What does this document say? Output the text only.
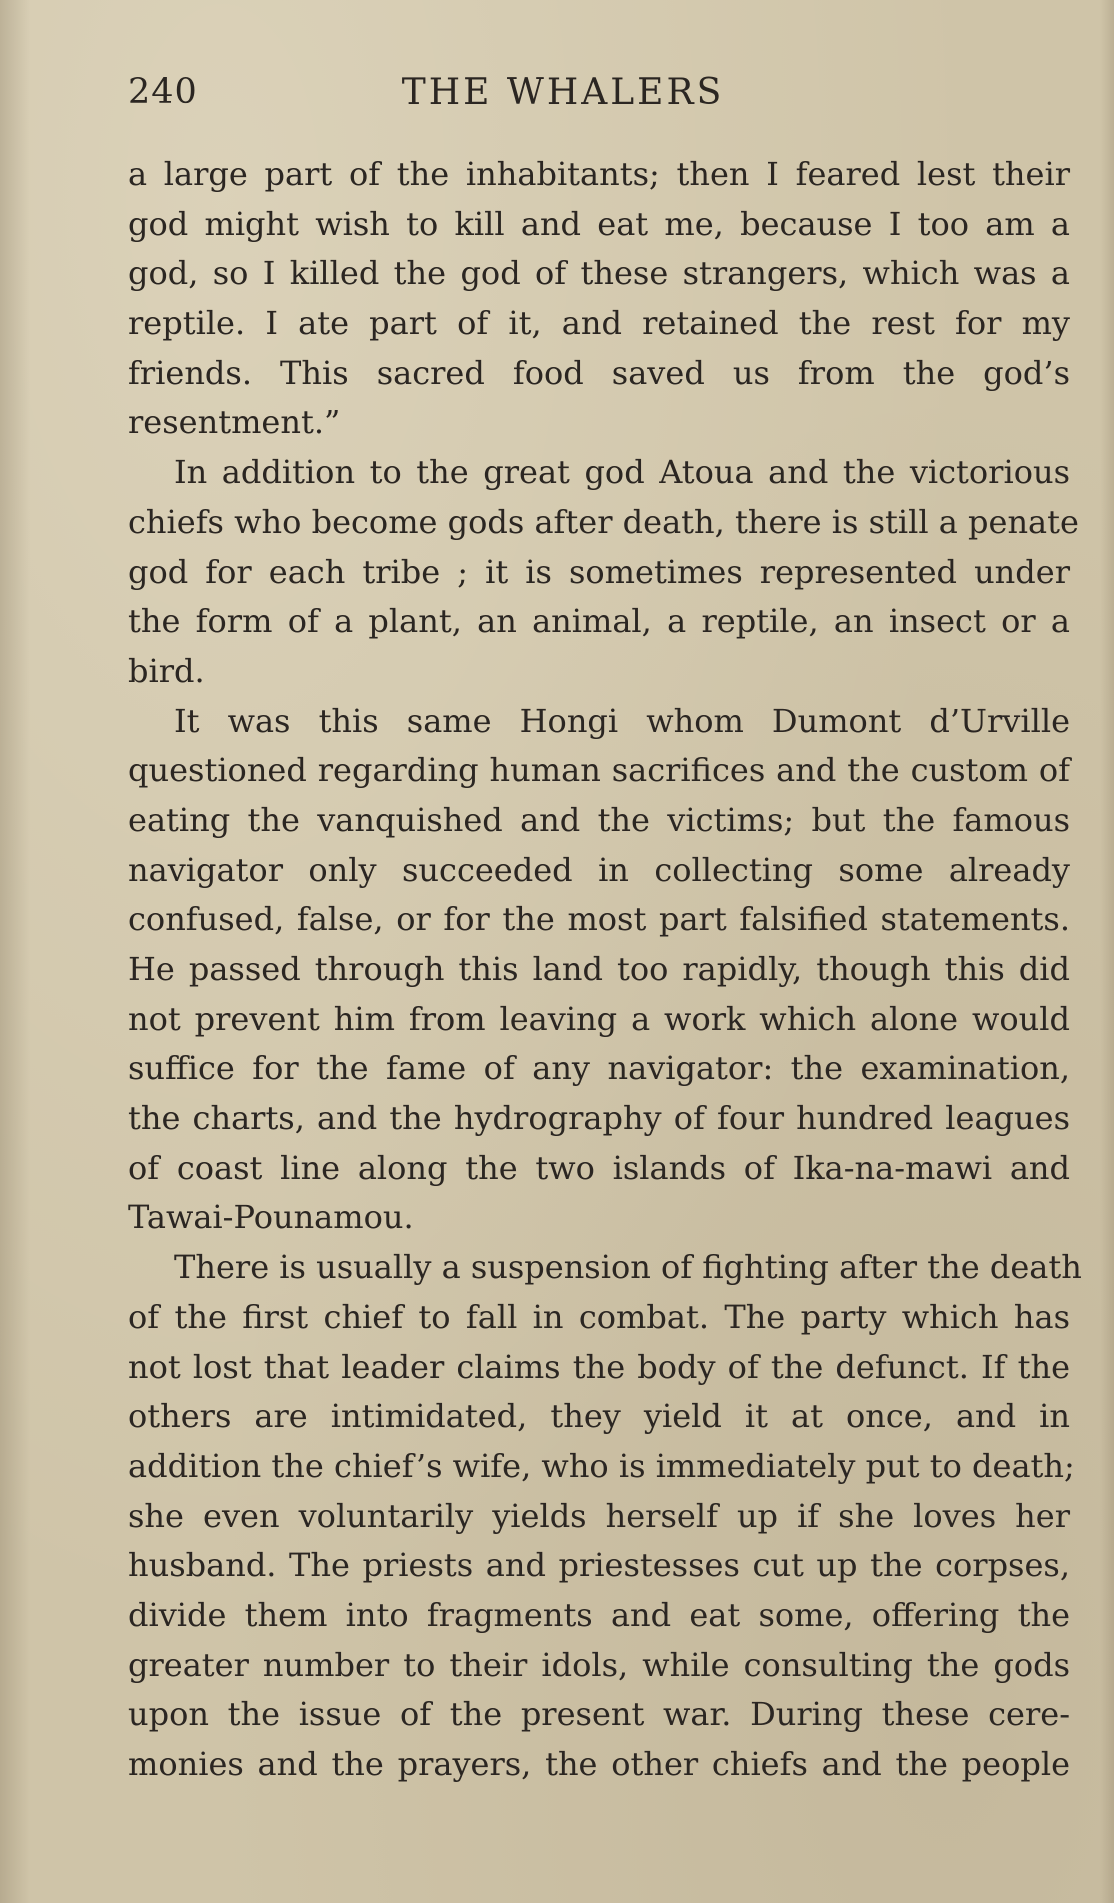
240	THE WHALERS
a large part of the inhabitants; then I feared lest their
god might wish to kill and eat me, because I too am a
god, so I killed the god of these strangers, which was a
reptile. I ate part of it, and retained the rest for my
friends. This sacred food saved us from the god’s
resentment.”
In addition to the great god Atoua and the victorious
chiefs who become gods after death, there is still a penate
god for each tribe ; it is sometimes represented under
the form of a plant, an animal, a reptile, an insect or a
bird.
It was this same Hongi whom Dumont d’Urville
questioned regarding human sacrifices and the custom of
eating the vanquished and the victims; but the famous
navigator only succeeded in collecting some already
confused, false, or for the most part falsified statements.
He passed through this land too rapidly, though this did
not prevent him from leaving a work which alone would
suffice for the fame of any navigator: the examination,
the charts, and the hydrography of four hundred leagues
of coast line along the two islands of Ika-na-mawi and
Tawai-Pounamou.
There is usually a suspension of fighting after the death
of the first chief to fall in combat. The party which has
not lost that leader claims the body of the defunct. If the
others are intimidated, they yield it at once, and in
addition the chief’s wife, who is immediately put to death;
she even voluntarily yields herself up if she loves her
husband. The priests and priestesses cut up the corpses,
divide them into fragments and eat some, offering the
greater number to their idols, while consulting the gods
upon the issue of the present war. During these cere-
monies and the prayers, the other chiefs and the people
